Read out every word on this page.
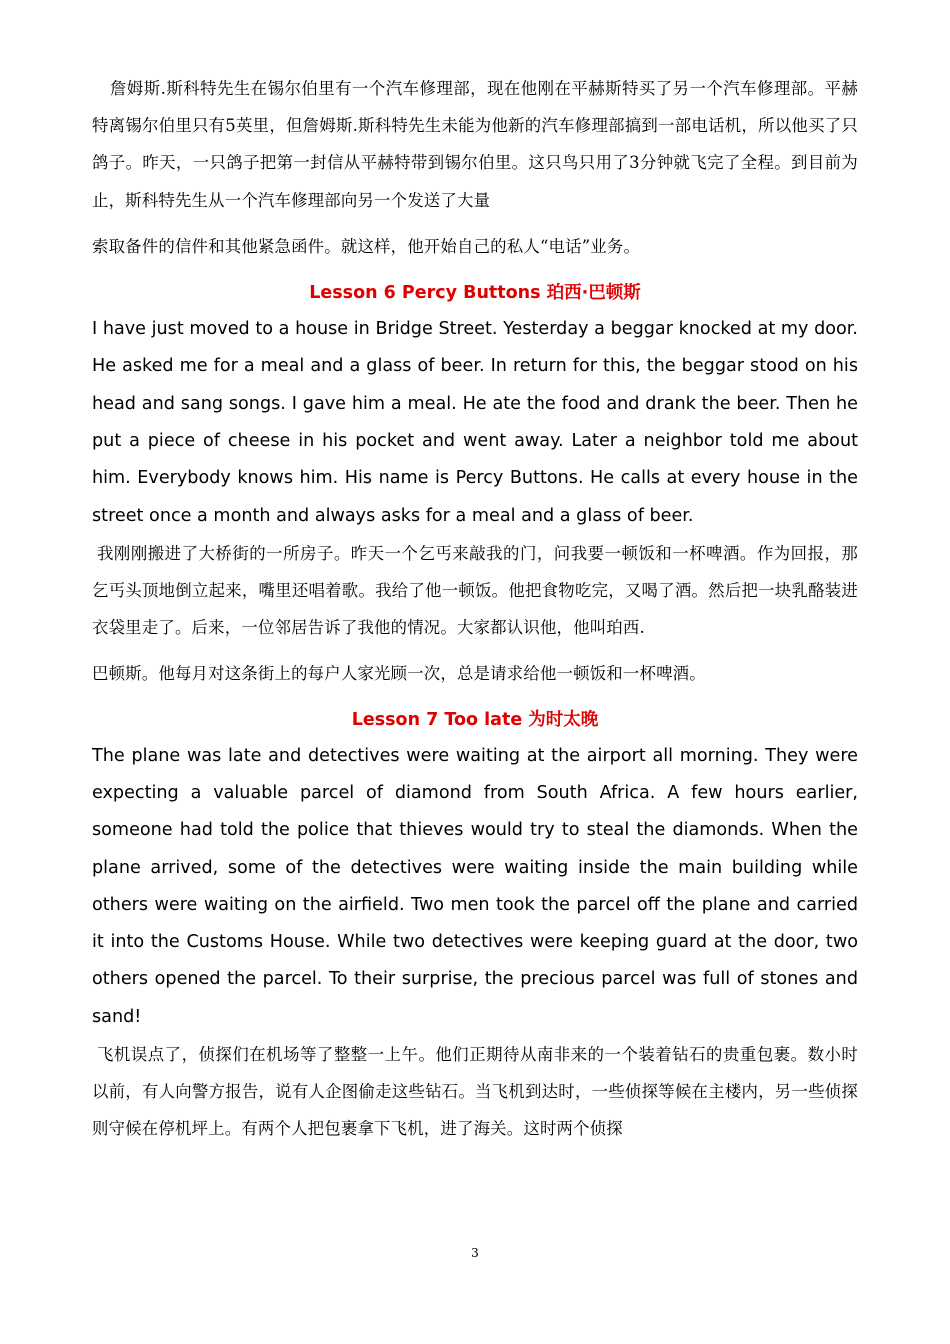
詹姆斯.斯科特先生在锡尔伯里有一个汽车修理部，现在他刚在平赫斯特买了另一个汽车修理部。平赫特离锡尔伯里只有5英里，但詹姆斯.斯科特先生未能为他新的汽车修理部搞到一部电话机，所以他买了只鸽子。昨天，一只鸽子把第一封信从平赫特带到锡尔伯里。这只鸟只用了3分钟就飞完了全程。到目前为止，斯科特先生从一个汽车修理部向另一个发送了大量

索取备件的信件和其他紧急函件。就这样，他开始自己的私人“电话”业务。

Lesson 6 Percy Buttons 珀西·巴顿斯

I have just moved to a house in Bridge Street. Yesterday a beggar knocked at my door. He asked me for a meal and a glass of beer. In return for this, the beggar stood on his head and sang songs. I gave him a meal. He ate the food and drank the beer. Then he put a piece of cheese in his pocket and went away. Later a neighbor told me about him. Everybody knows him. His name is Percy Buttons. He calls at every house in the street once a month and always asks for a meal and a glass of beer.

我刚刚搬进了大桥街的一所房子。昨天一个乞丐来敲我的门，问我要一顿饭和一杯啤酒。作为回报，那乞丐头顶地倒立起来，嘴里还唱着歌。我给了他一顿饭。他把食物吃完，又喝了酒。然后把一块乳酪装进衣袋里走了。后来，一位邻居告诉了我他的情况。大家都认识他，他叫珀西.

巴顿斯。他每月对这条街上的每户人家光顾一次，总是请求给他一顿饭和一杯啤酒。

Lesson 7 Too late 为时太晚

The plane was late and detectives were waiting at the airport all morning. They were expecting a valuable parcel of diamond from South Africa. A few hours earlier, someone had told the police that thieves would try to steal the diamonds. When the plane arrived, some of the detectives were waiting inside the main building while others were waiting on the airfield. Two men took the parcel off the plane and carried it into the Customs House. While two detectives were keeping guard at the door, two others opened the parcel. To their surprise, the precious parcel was full of stones and sand!

飞机误点了，侦探们在机场等了整整一上午。他们正期待从南非来的一个装着钻石的贵重包裹。数小时以前，有人向警方报告，说有人企图偷走这些钻石。当飞机到达时，一些侦探等候在主楼内，另一些侦探则守候在停机坪上。有两个人把包裹拿下飞机，进了海关。这时两个侦探

3
